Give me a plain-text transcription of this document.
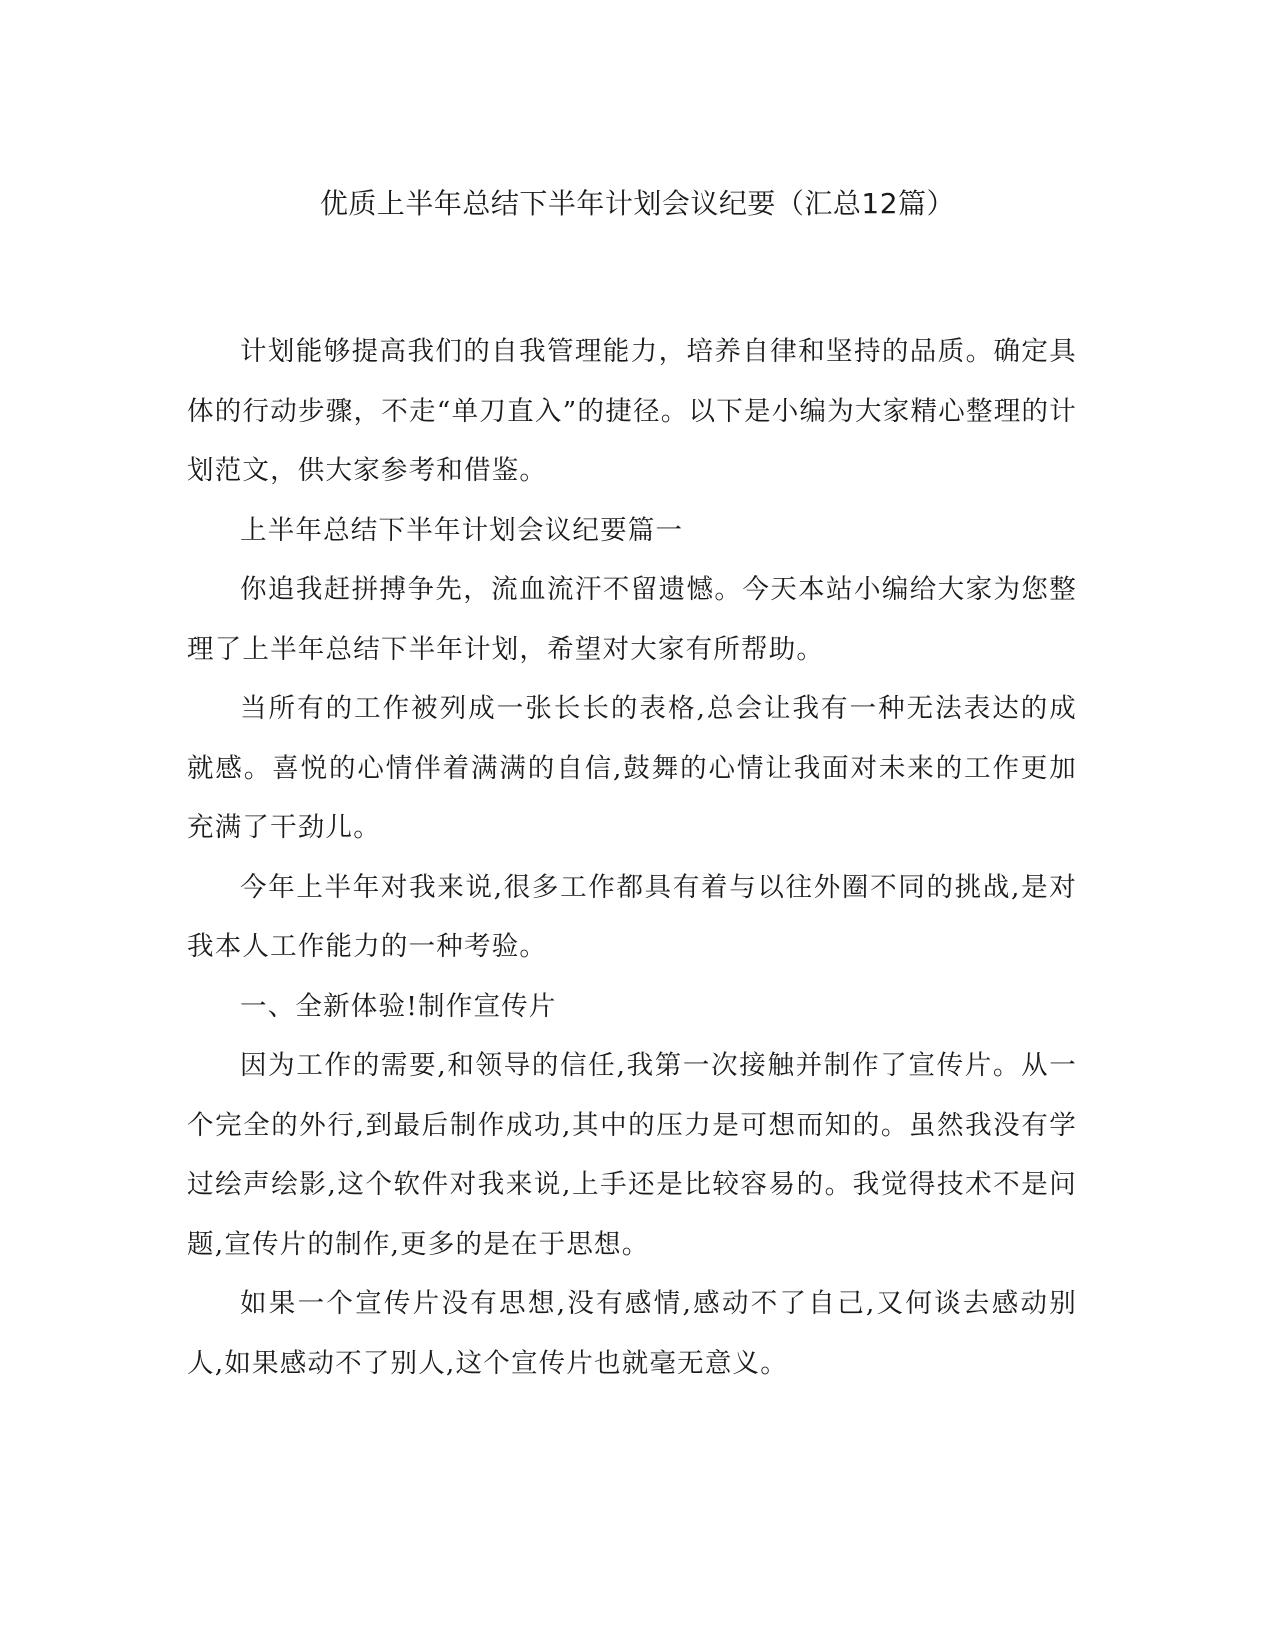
优质上半年总结下半年计划会议纪要（汇总12篇）

计划能够提高我们的自我管理能力，培养自律和坚持的品质。确定具体的行动步骤，不走“单刀直入”的捷径。以下是小编为大家精心整理的计划范文，供大家参考和借鉴。

上半年总结下半年计划会议纪要篇一

你追我赶拼搏争先，流血流汗不留遗憾。今天本站小编给大家为您整理了上半年总结下半年计划，希望对大家有所帮助。

当所有的工作被列成一张长长的表格,总会让我有一种无法表达的成就感。喜悦的心情伴着满满的自信,鼓舞的心情让我面对未来的工作更加充满了干劲儿。

今年上半年对我来说,很多工作都具有着与以往外圈不同的挑战,是对我本人工作能力的一种考验。

一、全新体验!制作宣传片

因为工作的需要,和领导的信任,我第一次接触并制作了宣传片。从一个完全的外行,到最后制作成功,其中的压力是可想而知的。虽然我没有学过绘声绘影,这个软件对我来说,上手还是比较容易的。我觉得技术不是问题,宣传片的制作,更多的是在于思想。

如果一个宣传片没有思想,没有感情,感动不了自己,又何谈去感动别人,如果感动不了别人,这个宣传片也就毫无意义。
